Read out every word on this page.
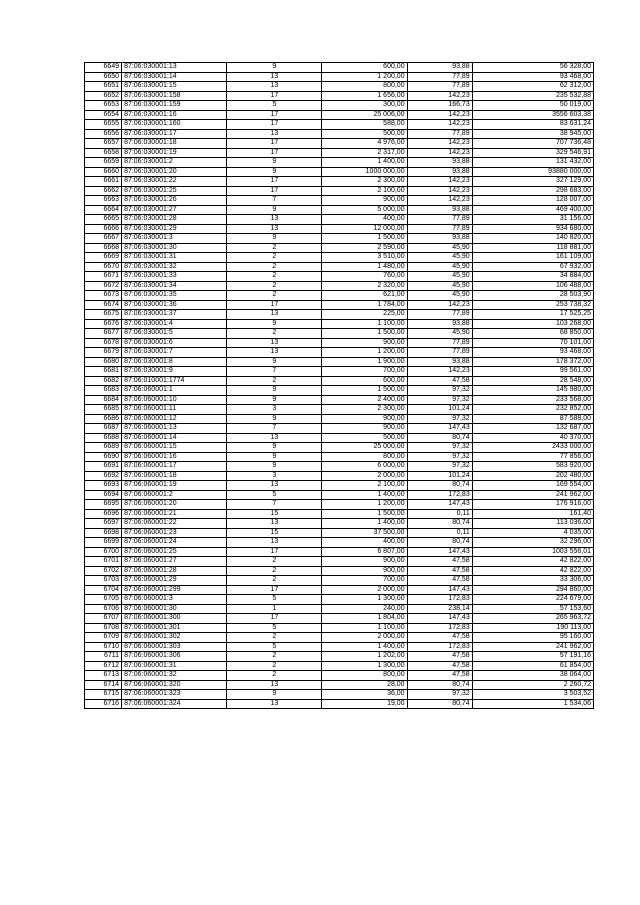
6649	87:06:030001:13	9	600,00	93,88	56 328,00
6650	87:06:030001:14	13	1 200,00	77,89	93 468,00
6651	87:06:030001:15	13	800,00	77,89	62 312,00
6652	87:06:030001:158	17	1 656,00	142,23	235 532,88
6653	87:06:030001:159	5	300,00	166,73	50 019,00
6654	87:06:030001:16	17	25 006,00	142,23	3556 603,38
6655	87:06:030001:160	17	588,00	142,23	83 631,24
6656	87:06:030001:17	13	500,00	77,89	38 945,00
6657	87:06:030001:18	17	4 976,00	142,23	707 736,48
6658	87:06:030001:19	17	2 317,00	142,23	329 546,91
6659	87:06:030001:2	9	1 400,00	93,88	131 432,00
6660	87:06:030001:20	9	1000 000,00	93,88	93880 000,00
6661	87:06:030001:22	17	2 300,00	142,23	327 129,00
6662	87:06:030001:25	17	2 100,00	142,23	298 683,00
6663	87:06:030001:26	7	900,00	142,23	128 007,00
6664	87:06:030001:27	9	5 000,00	93,88	469 400,00
6665	87:06:030001:28	13	400,00	77,89	31 156,00
6666	87:06:030001:29	13	12 000,00	77,89	934 680,00
6667	87:06:030001:3	9	1 500,00	93,88	140 820,00
6668	87:06:030001:30	2	2 590,00	45,90	118 881,00
6669	87:06:030001:31	2	3 510,00	45,90	161 109,00
6670	87:06:030001:32	2	1 480,00	45,90	67 932,00
6671	87:06:030001:33	2	760,00	45,90	34 884,00
6672	87:06:030001:34	2	2 320,00	45,90	106 488,00
6673	87:06:030001:35	2	621,00	45,90	28 503,90
6674	87:06:030001:36	17	1 784,00	142,23	253 738,32
6675	87:06:030001:37	13	225,00	77,89	17 525,25
6676	87:06:030001:4	9	1 100,00	93,88	103 268,00
6677	87:06:030001:5	2	1 500,00	45,90	68 850,00
6678	87:06:030001:6	13	900,00	77,89	70 101,00
6679	87:06:030001:7	13	1 200,00	77,89	93 468,00
6680	87:06:030001:8	9	1 900,00	93,88	178 372,00
6681	87:06:030001:9	7	700,00	142,23	99 561,00
6682	87:06:010001:1774	2	600,00	47,58	28 548,00
6683	87:06:060001:1	9	1 500,00	97,32	145 980,00
6684	87:06:060001:10	9	2 400,00	97,32	233 568,00
6685	87:06:060001:11	3	2 300,00	101,24	232 852,00
6686	87:06:060001:12	9	900,00	97,32	87 588,00
6687	87:06:060001:13	7	900,00	147,43	132 687,00
6688	87:06:060001:14	13	500,00	80,74	40 370,00
6689	87:06:060001:15	9	25 000,00	97,32	2433 000,00
6690	87:06:060001:16	9	800,00	97,32	77 856,00
6691	87:06:060001:17	9	6 000,00	97,32	583 920,00
6692	87:06:060001:18	3	2 000,00	101,24	202 480,00
6693	87:06:060001:19	13	2 100,00	80,74	169 554,00
6694	87:06:060001:2	5	1 400,00	172,83	241 962,00
6695	87:06:060001:20	7	1 200,00	147,43	176 916,00
6696	87:06:060001:21	15	1 500,00	0,11	161,40
6697	87:06:060001:22	13	1 400,00	80,74	113 036,00
6698	87:06:060001:23	15	37 500,00	0,11	4 035,00
6699	87:06:060001:24	13	400,00	80,74	32 296,00
6700	87:06:060001:25	17	6 807,00	147,43	1003 556,01
6701	87:06:060001:27	2	900,00	47,58	42 822,00
6702	87:06:060001:28	2	900,00	47,58	42 822,00
6703	87:06:060001:29	2	700,00	47,58	33 306,00
6704	87:06:060001:299	17	2 000,00	147,43	294 860,00
6705	87:06:060001:3	5	1 300,00	172,83	224 679,00
6706	87:06:060001:30	1	240,00	238,14	57 153,60
6707	87:06:060001:300	17	1 804,00	147,43	265 963,72
6708	87:06:060001:301	5	1 100,00	172,83	190 113,00
6709	87:06:060001:302	2	2 000,00	47,58	95 160,00
6710	87:06:060001:303	5	1 400,00	172,83	241 962,00
6711	87:06:060001:306	2	1 202,00	47,58	57 191,16
6712	87:06:060001:31	2	1 300,00	47,58	61 854,00
6713	87:06:060001:32	2	800,00	47,58	38 064,00
6714	87:06:060001:320	13	28,00	80,74	2 260,72
6715	87:06:060001:323	9	36,00	97,32	3 503,52
6716	87:06:060001:324	13	19,00	80,74	1 534,06
